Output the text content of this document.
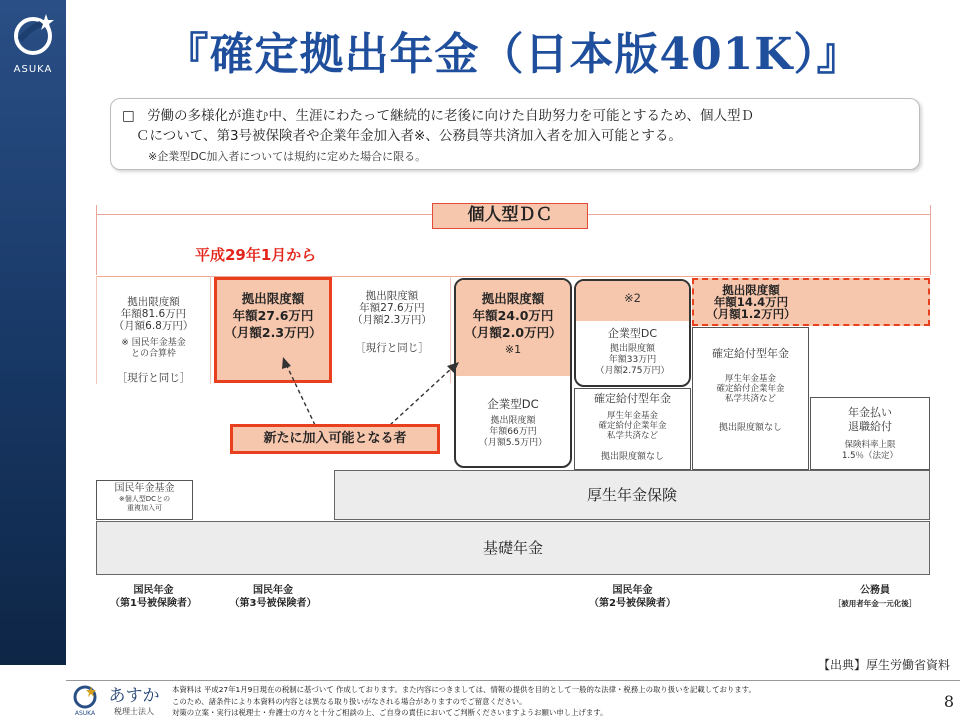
ASUKA	『確定拠出年金（日本版401K）』
□ 労働の多様化が進む中、生涯にわたって継続的に老後に向けた自助努力を可能とするため、個人型Ｄ
Ｃについて、第3号被保険者や企業年金加入者※、公務員等共済加入者を加入可能とする。
※企業型DC加入者については規約に定めた場合に限る。
個人型ＤＣ
平成29年1月から
拠出限度額
年額81.6万円
（月額6.8万円）
※ 国民年金基金
との合算枠
［現行と同じ］
拠出限度額
年額27.6万円
（月額2.3万円）
拠出限度額
年額27.6万円
（月額2.3万円）
［現行と同じ］
拠出限度額
年額24.0万円
（月額2.0万円）
※1
企業型DC
拠出限度額
年額66万円
（月額5.5万円）
※2
企業型DC
拠出限度額
年額33万円
（月額2.75万円）
確定給付型年金
厚生年金基金
確定給付企業年金
私学共済など
拠出限度額なし
拠出限度額
年額14.4万円
（月額1.2万円）
確定給付型年金
厚生年金基金
確定給付企業年金
私学共済など
拠出限度額なし
年金払い
退職給付
保険料率上限
1.5％（法定）
新たに加入可能となる者
国民年金基金
※個人型DCとの
重複加入可
厚生年金保険
基礎年金
国民年金
（第1号被保険者）
国民年金
（第3号被保険者）
国民年金
（第2号被保険者）
公務員
［被用者年金一元化後］
【出典】厚生労働省資料
ASUKA
あすか
税理士法人
本資料は 平成27年1月9日現在の税制に基づいて 作成しております。また内容につきましては、情報の提供を目的として一般的な法律・税務上の取り扱いを記載しております。
このため、諸条件により本資料の内容とは異なる取り扱いがなされる場合がありますのでご留意ください。
対策の立案・実行は税理士・弁護士の方々と十分ご相談の上、ご自身の責任においてご判断くださいますようお願い申し上げます。
8
